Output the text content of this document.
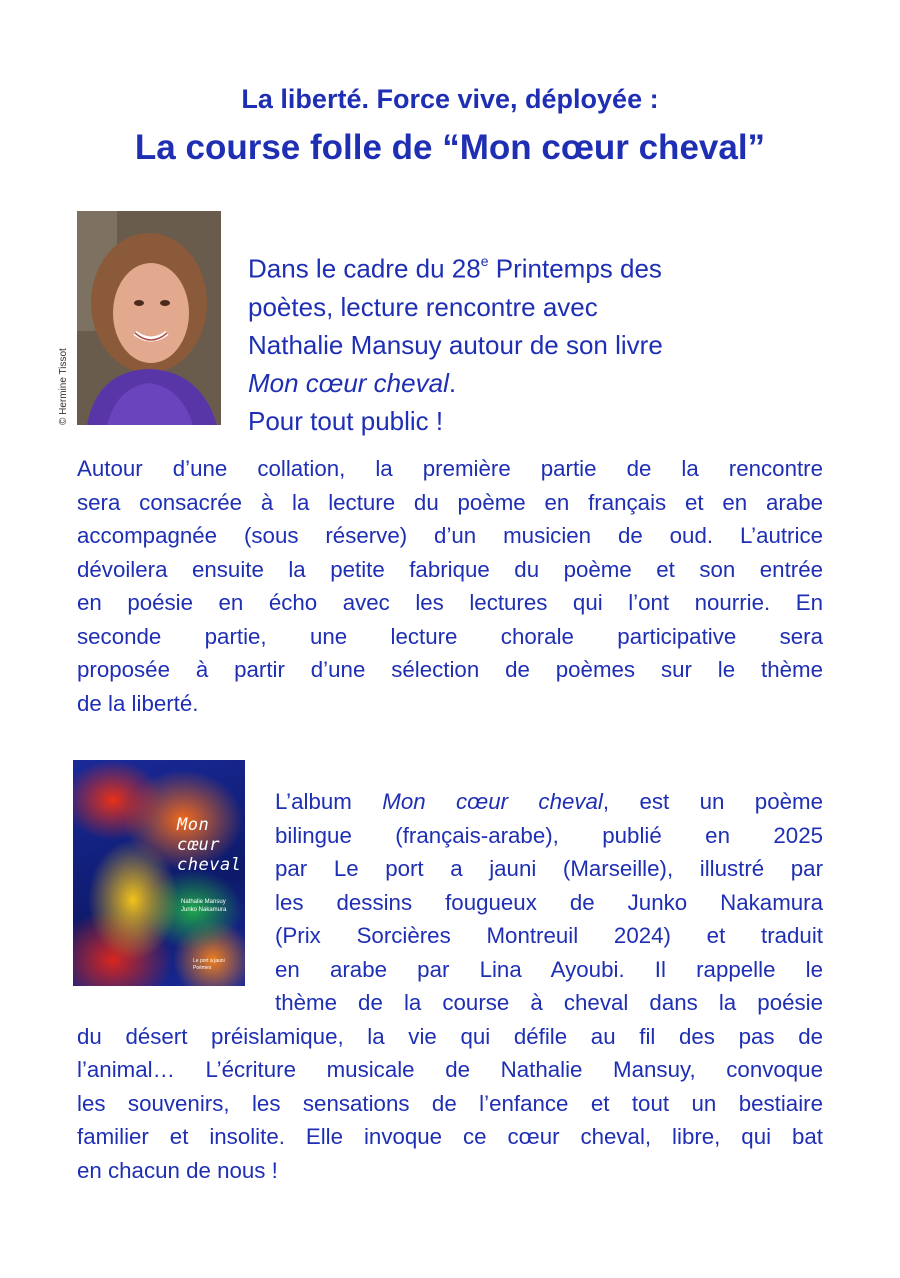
La liberté. Force vive, déployée :
La course folle de “Mon cœur cheval”
© Hermine Tissot
Dans le cadre du 28e Printemps des
poètes, lecture rencontre avec
Nathalie Mansuy autour de son livre
Mon cœur cheval.
Pour tout public !
Autour d’une collation, la première partie de la rencontre
sera consacrée à la lecture du poème en français et en arabe
accompagnée (sous réserve) d’un musicien de oud. L’autrice
dévoilera ensuite la petite fabrique du poème et son entrée
en poésie en écho avec les lectures qui l’ont nourrie. En
seconde partie, une lecture chorale participative sera
proposée à partir d’une sélection de poèmes sur le thème
de la liberté.
Mon
cœur
cheval
Nathalie Mansuy
Junko Nakamura
Le port a jauni
Poèmes
L’album Mon cœur cheval, est un poème
bilingue (français-arabe), publié en 2025
par Le port a jauni (Marseille), illustré par
les dessins fougueux de Junko Nakamura
(Prix Sorcières Montreuil 2024) et traduit
en arabe par Lina Ayoubi. Il rappelle le
thème de la course à cheval dans la poésie
du désert préislamique, la vie qui défile au fil des pas de
l’animal… L’écriture musicale de Nathalie Mansuy, convoque
les souvenirs, les sensations de l’enfance et tout un bestiaire
familier et insolite. Elle invoque ce cœur cheval, libre, qui bat
en chacun de nous !
